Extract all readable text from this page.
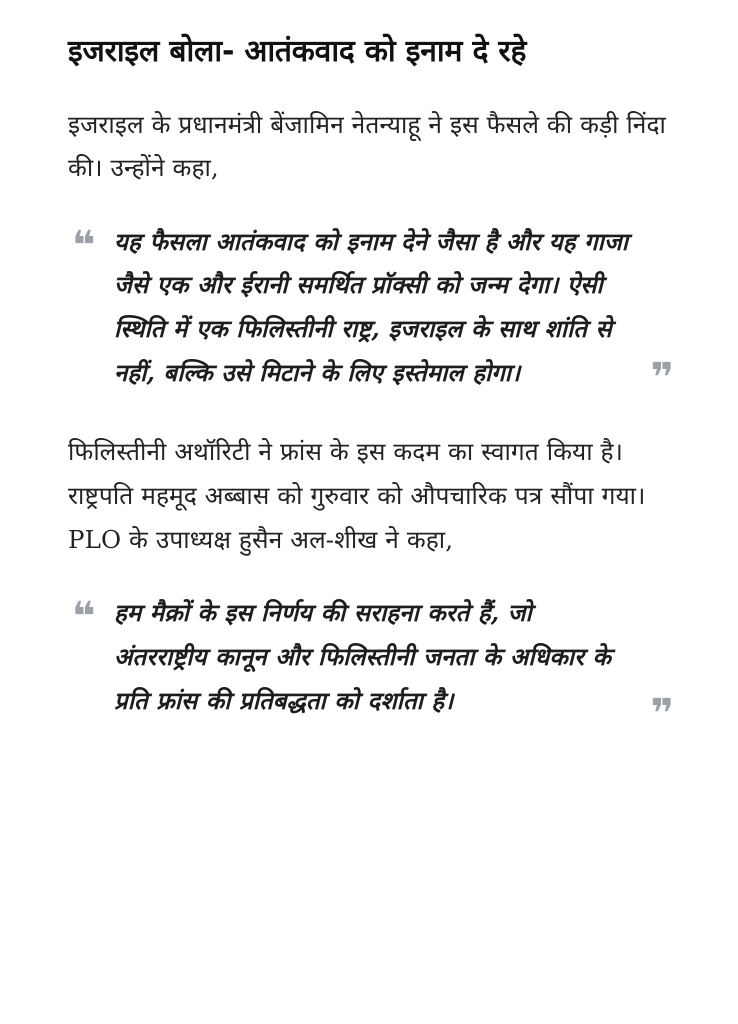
इजराइल बोला- आतंकवाद को इनाम दे रहे

इजराइल के प्रधानमंत्री बेंजामिन नेतन्याहू ने इस फैसले की कड़ी निंदा की। उन्होंने कहा,

❝ यह फैसला आतंकवाद को इनाम देने जैसा है और यह गाजा जैसे एक और ईरानी समर्थित प्रॉक्सी को जन्म देगा। ऐसी स्थिति में एक फिलिस्तीनी राष्ट्र, इजराइल के साथ शांति से नहीं, बल्कि उसे मिटाने के लिए इस्तेमाल होगा।	❞

फिलिस्तीनी अथॉरिटी ने फ्रांस के इस कदम का स्वागत किया है। राष्ट्रपति महमूद अब्बास को गुरुवार को औपचारिक पत्र सौंपा गया। PLO के उपाध्यक्ष हुसैन अल-शीख ने कहा,

❝ हम मैक्रों के इस निर्णय की सराहना करते हैं, जो अंतरराष्ट्रीय कानून और फिलिस्तीनी जनता के अधिकार के प्रति फ्रांस की प्रतिबद्धता को दर्शाता है।	❞
